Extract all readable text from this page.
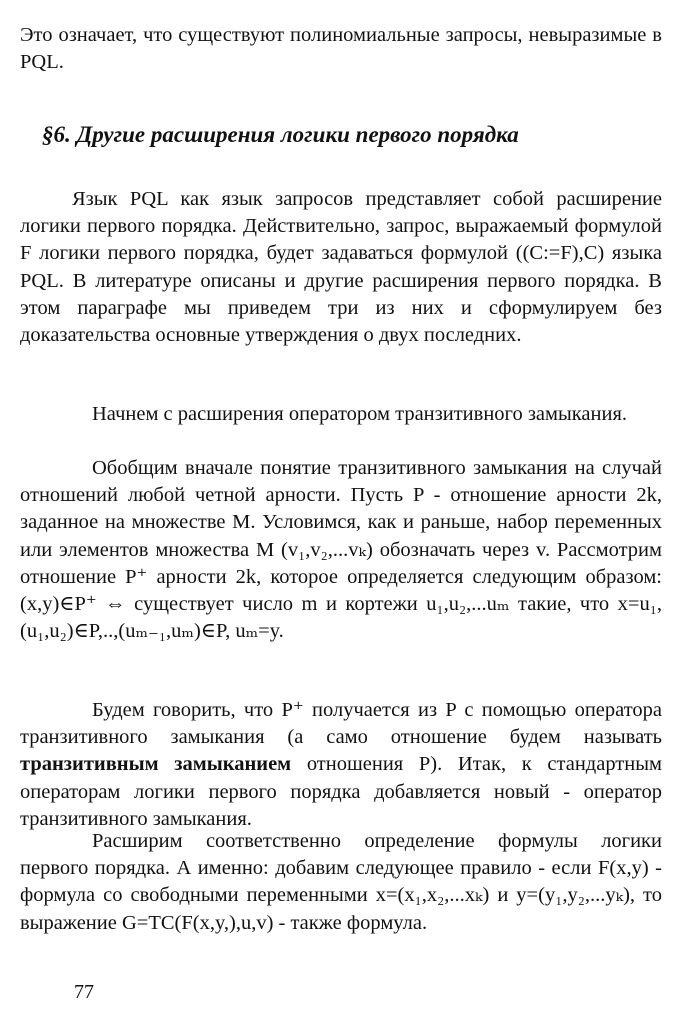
Это означает, что существуют полиномиальные запросы, невыразимые в PQL.

§6. Другие расширения логики первого порядка

Язык PQL как язык запросов представляет собой расширение логики первого порядка. Действительно, запрос, выражаемый формулой F логики первого порядка, будет задаваться формулой ((C:=F),C) языка PQL. В литературе описаны и другие расширения первого порядка. В этом параграфе мы приведем три из них и сформулируем без доказательства основные утверждения о двух последних.

Начнем с расширения оператором транзитивного замыкания.

Обобщим вначале понятие транзитивного замыкания на случай отношений любой четной арности. Пусть P - отношение арности 2k, заданное на множестве M. Условимся, как и раньше, набор переменных или элементов множества M (v₁,v₂,...vₖ) обозначать через v. Рассмотрим отношение P⁺ арности 2k, которое определяется следующим образом: (x,y)∈P⁺ ⇔ существует число m и кортежи u₁,u₂,...uₘ такие, что x=u₁, (u₁,u₂)∈P,..,(uₘ₋₁,uₘ)∈P, uₘ=y.

Будем говорить, что P⁺ получается из P с помощью оператора транзитивного замыкания (а само отношение будем называть транзитивным замыканием отношения P). Итак, к стандартным операторам логики первого порядка добавляется новый - оператор транзитивного замыкания.

Расширим соответственно определение формулы логики первого порядка. А именно: добавим следующее правило - если F(x,y) - формула со свободными переменными x=(x₁,x₂,...xₖ) и y=(y₁,y₂,...yₖ), то выражение G=TC(F(x,y,),u,v) - также формула.

77
